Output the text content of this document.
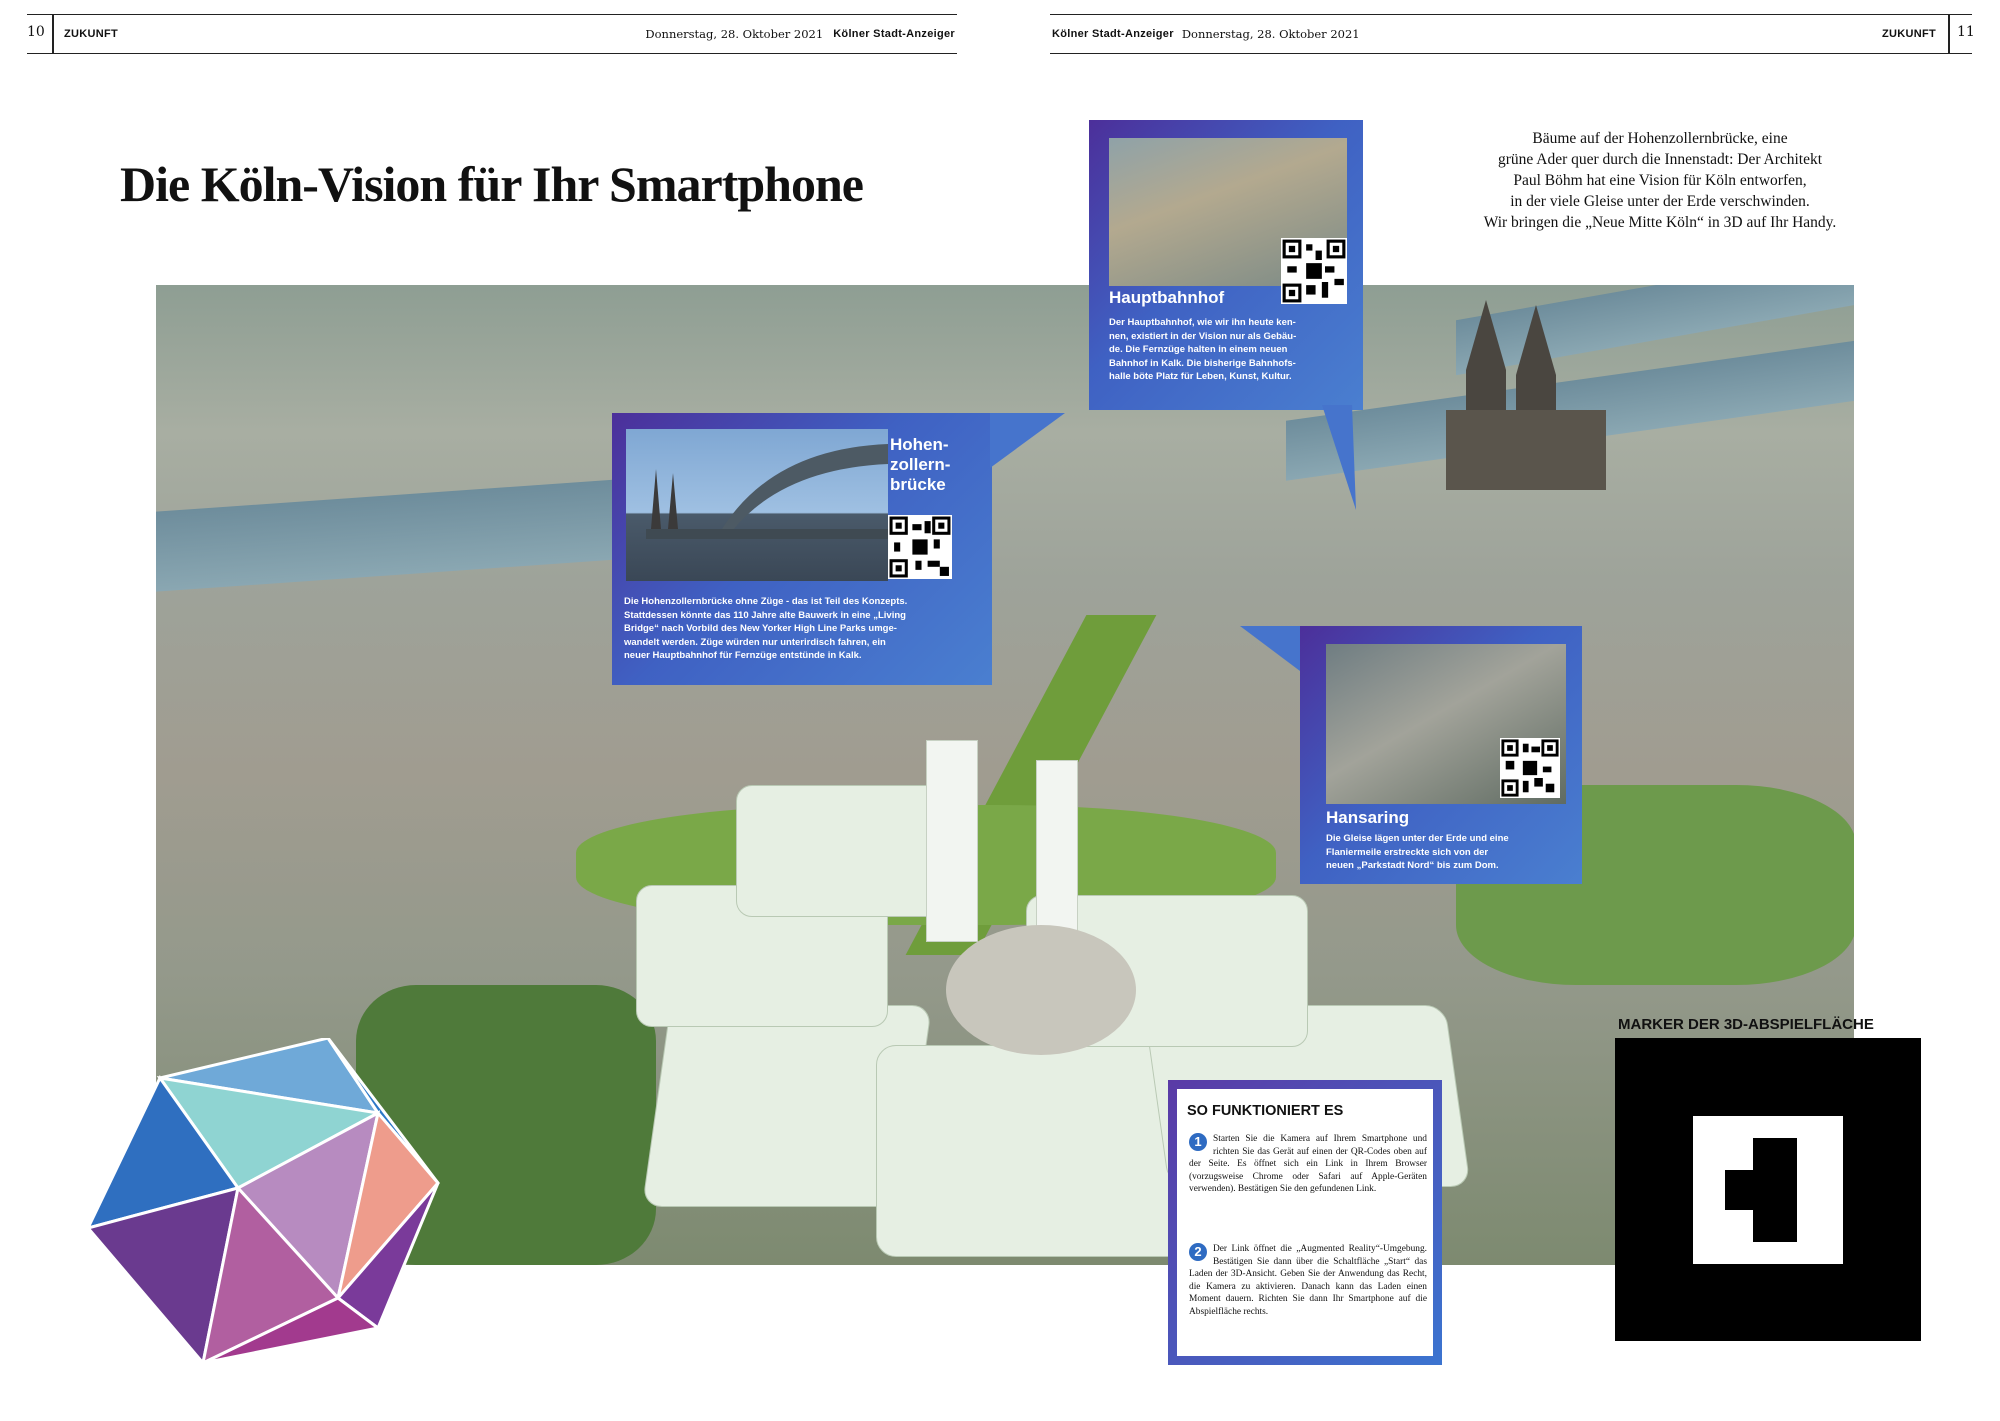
10 ZUKUNFT	Donnerstag, 28. Oktober 2021 Kölner Stadt-Anzeiger	Kölner Stadt-Anzeiger Donnerstag, 28. Oktober 2021	ZUKUNFT 11
Die Köln-Vision für Ihr Smartphone
Bäume auf der Hohenzollernbrücke, eine
grüne Ader quer durch die Innenstadt: Der Architekt
Paul Böhm hat eine Vision für Köln entworfen,
in der viele Gleise unter der Erde verschwinden.
Wir bringen die „Neue Mitte Köln“ in 3D auf Ihr Handy.
Hauptbahnhof
Der Hauptbahnhof, wie wir ihn heute ken-
nen, existiert in der Vision nur als Gebäu-
de. Die Fernzüge halten in einem neuen
Bahnhof in Kalk. Die bisherige Bahnhofs-
halle böte Platz für Leben, Kunst, Kultur.
Hohen-
zollern-
brücke
Die Hohenzollernbrücke ohne Züge - das ist Teil des Konzepts.
Stattdessen könnte das 110 Jahre alte Bauwerk in eine „Living
Bridge“ nach Vorbild des New Yorker High Line Parks umge-
wandelt werden. Züge würden nur unterirdisch fahren, ein
neuer Hauptbahnhof für Fernzüge entstünde in Kalk.
Hansaring
Die Gleise lägen unter der Erde und eine
Flaniermeile erstreckte sich von der
neuen „Parkstadt Nord“ bis zum Dom.
SO FUNKTIONIERT ES
1	Starten Sie die Kamera auf Ihrem Smartphone und richten Sie das Gerät auf einen der QR-Codes oben auf der Seite. Es öffnet sich ein Link in Ihrem Browser (vorzugsweise Chrome oder Safari auf Apple-Geräten verwenden). Bestätigen Sie den gefundenen Link.
2	Der Link öffnet die „Augmented Reality“-Umgebung. Bestätigen Sie dann über die Schaltfläche „Start“ das Laden der 3D-Ansicht. Geben Sie der Anwendung das Recht, die Kamera zu aktivieren. Danach kann das Laden einen Moment dauern. Richten Sie dann Ihr Smartphone auf die Abspielfläche rechts.
MARKER DER 3D-ABSPIELFLÄCHE
